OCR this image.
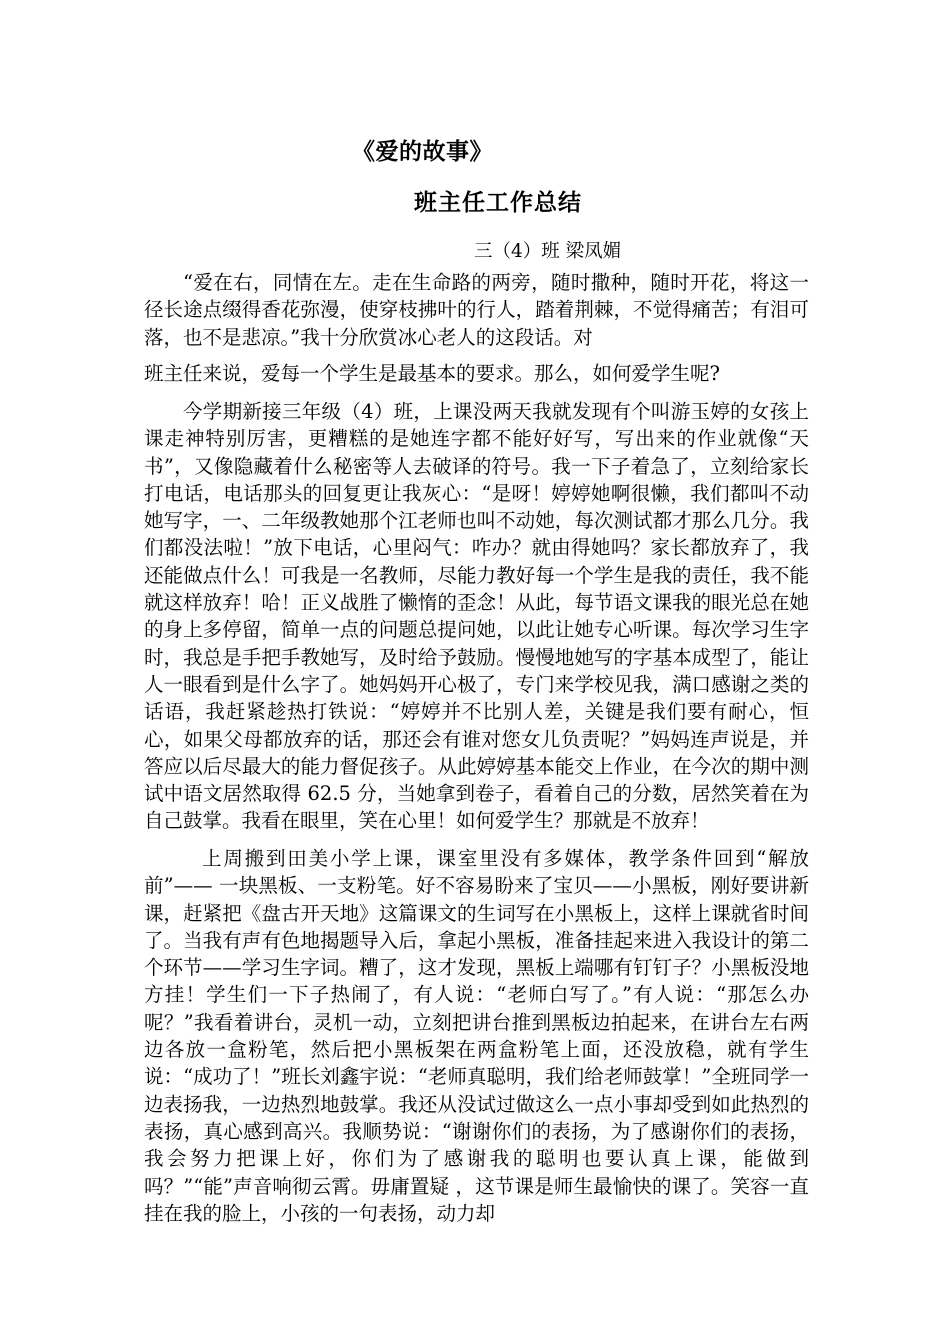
《爱的故事》
班主任工作总结

三（4）班 梁凤媚

“爱在右，同情在左。走在生命路的两旁，随时撒种，随时开花，将这一径长途点缀得香花弥漫，使穿枝拂叶的行人，踏着荆棘，不觉得痛苦；有泪可落，也不是悲凉。”我十分欣赏冰心老人的这段话。对

班主任来说，爱每一个学生是最基本的要求。那么，如何爱学生呢?

今学期新接三年级（4）班，上课没两天我就发现有个叫游玉婷的女孩上课走神特别厉害，更糟糕的是她连字都不能好好写，写出来的作业就像“天书”，又像隐藏着什么秘密等人去破译的符号。我一下子着急了，立刻给家长打电话，电话那头的回复更让我灰心：“是呀！婷婷她啊很懒，我们都叫不动她写字，一、二年级教她那个江老师也叫不动她，每次测试都才那么几分。我们都没法啦！”放下电话，心里闷气：咋办？就由得她吗？家长都放弃了，我还能做点什么！可我是一名教师，尽能力教好每一个学生是我的责任，我不能就这样放弃！哈！正义战胜了懒惰的歪念！从此，每节语文课我的眼光总在她的身上多停留，简单一点的问题总提问她，以此让她专心听课。每次学习生字时，我总是手把手教她写，及时给予鼓励。慢慢地她写的字基本成型了，能让人一眼看到是什么字了。她妈妈开心极了，专门来学校见我，满口感谢之类的话语，我赶紧趁热打铁说：“婷婷并不比别人差，关键是我们要有耐心，恒心，如果父母都放弃的话，那还会有谁对您女儿负责呢？”妈妈连声说是，并答应以后尽最大的能力督促孩子。从此婷婷基本能交上作业，在今次的期中测试中语文居然取得 62.5 分，当她拿到卷子，看着自己的分数，居然笑着在为自己鼓掌。我看在眼里，笑在心里！如何爱学生？那就是不放弃！

上周搬到田美小学上课，课室里没有多媒体，教学条件回到“解放前”—— 一块黑板、一支粉笔。好不容易盼来了宝贝——小黑板，刚好要讲新课，赶紧把《盘古开天地》这篇课文的生词写在小黑板上，这样上课就省时间了。当我有声有色地揭题导入后，拿起小黑板，准备挂起来进入我设计的第二个环节——学习生字词。糟了，这才发现，黑板上端哪有钉钉子？小黑板没地方挂！学生们一下子热闹了，有人说：“老师白写了。”有人说：“那怎么办呢？”我看着讲台，灵机一动，立刻把讲台推到黑板边拍起来，在讲台左右两边各放一盒粉笔，然后把小黑板架在两盒粉笔上面，还没放稳，就有学生说：“成功了！”班长刘鑫宇说：“老师真聪明，我们给老师鼓掌！”全班同学一边表扬我，一边热烈地鼓掌。我还从没试过做这么一点小事却受到如此热烈的表扬，真心感到高兴。我顺势说：“谢谢你们的表扬，为了感谢你们的表扬，我会努力把课上好，你们为了感谢我的聪明也要认真上课，能做到吗？”“能”声音响彻云霄。毋庸置疑 ，这节课是师生最愉快的课了。笑容一直挂在我的脸上，小孩的一句表扬，动力却
